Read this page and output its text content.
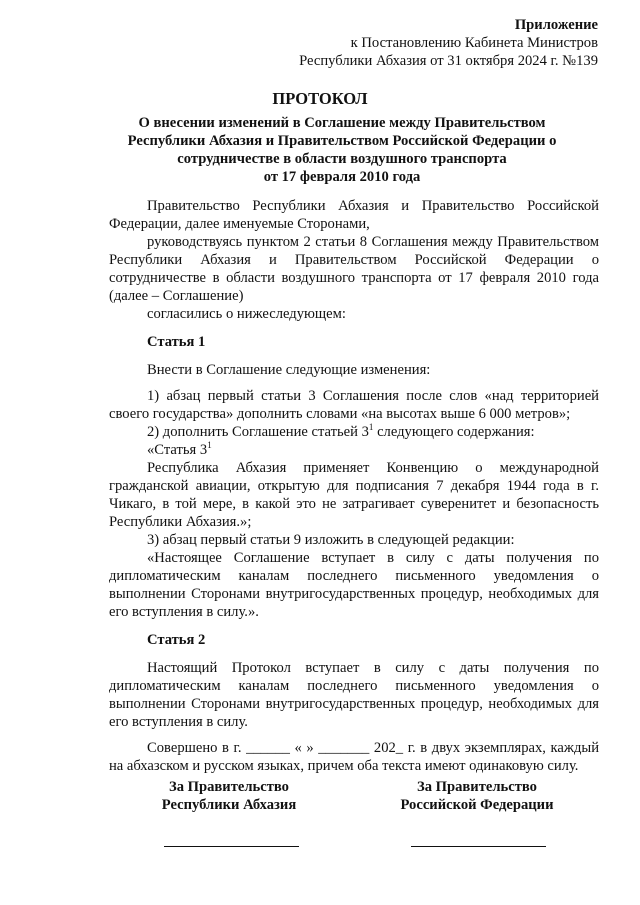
Приложение
к Постановлению Кабинета Министров
Республики Абхазия от 31 октября 2024 г. №139
ПРОТОКОЛ
О внесении изменений в Соглашение между Правительством
Республики Абхазия и Правительством Российской Федерации о
сотрудничестве в области воздушного транспорта
от 17 февраля 2010 года

Правительство Республики Абхазия и Правительство Российской Федерации, далее именуемые Сторонами,

руководствуясь пунктом 2 статьи 8 Соглашения между Правительством Республики Абхазия и Правительством Российской Федерации о сотрудничестве в области воздушного транспорта от 17 февраля 2010 года (далее – Соглашение)

согласились о нижеследующем:

Статья 1

Внести в Соглашение следующие изменения:

1) абзац первый статьи 3 Соглашения после слов «над территорией своего государства» дополнить словами «на высотах выше 6 000 метров»;

2) дополнить Соглашение статьей $3^1$ следующего содержания:

«Статья $3^1$

Республика Абхазия применяет Конвенцию о международной гражданской авиации, открытую для подписания 7 декабря 1944 года в г. Чикаго, в той мере, в какой это не затрагивает суверенитет и безопасность Республики Абхазия.»;

3) абзац первый статьи 9 изложить в следующей редакции:

«Настоящее Соглашение вступает в силу с даты получения по дипломатическим каналам последнего письменного уведомления о выполнении Сторонами внутригосударственных процедур, необходимых для его вступления в силу.».

Статья 2

Настоящий Протокол вступает в силу с даты получения по дипломатическим каналам последнего письменного уведомления о выполнении Сторонами внутригосударственных процедур, необходимых для его вступления в силу.

Совершено в г. ______ « » _______ 202_ г. в двух экземплярах, каждый на абхазском и русском языках, причем оба текста имеют одинаковую силу.

За Правительство
Республики Абхазия
За Правительство
Российской Федерации
